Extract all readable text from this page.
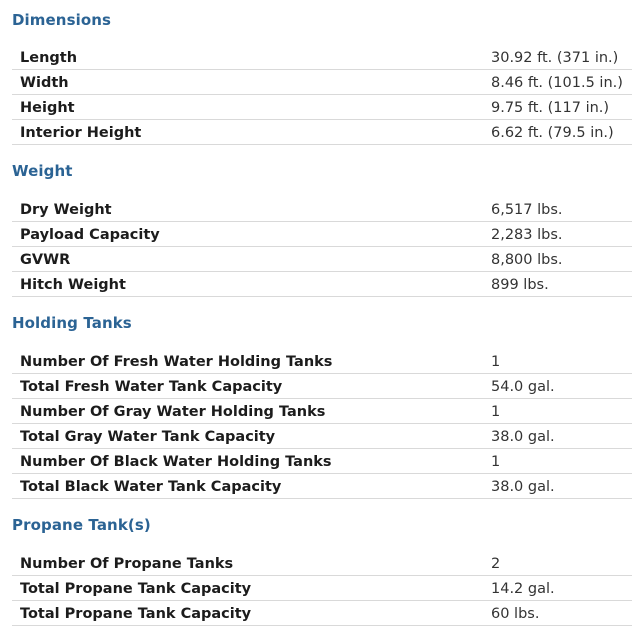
Dimensions
Length	30.92 ft. (371 in.)
Width	8.46 ft. (101.5 in.)
Height	9.75 ft. (117 in.)
Interior Height	6.62 ft. (79.5 in.)
Weight
Dry Weight	6,517 lbs.
Payload Capacity	2,283 lbs.
GVWR	8,800 lbs.
Hitch Weight	899 lbs.
Holding Tanks
Number Of Fresh Water Holding Tanks	1
Total Fresh Water Tank Capacity	54.0 gal.
Number Of Gray Water Holding Tanks	1
Total Gray Water Tank Capacity	38.0 gal.
Number Of Black Water Holding Tanks	1
Total Black Water Tank Capacity	38.0 gal.
Propane Tank(s)
Number Of Propane Tanks	2
Total Propane Tank Capacity	14.2 gal.
Total Propane Tank Capacity	60 lbs.
